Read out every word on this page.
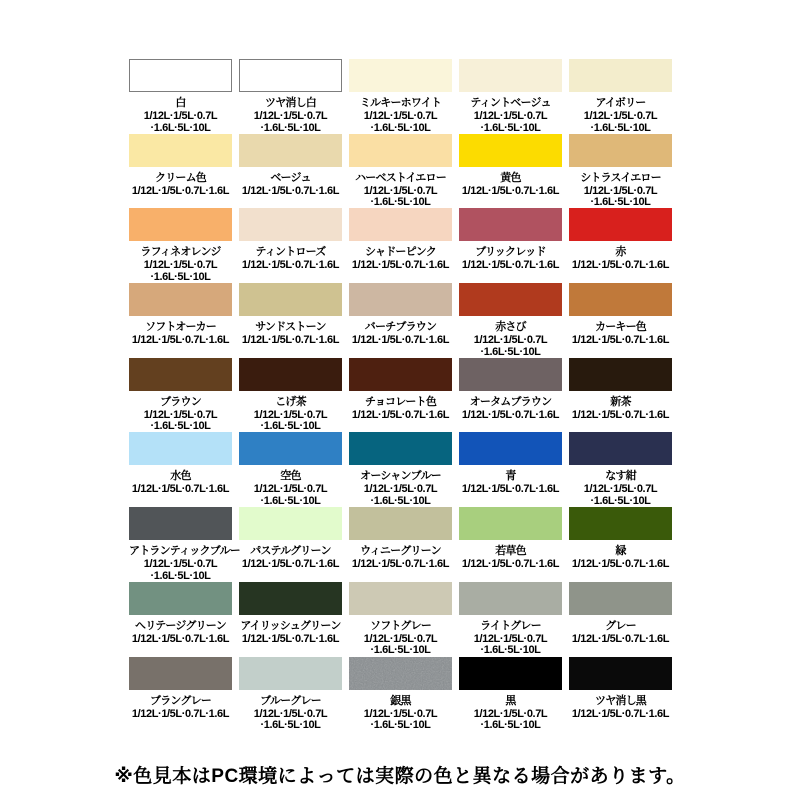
白
1/12L·1/5L·0.7L
·1.6L·5L·10L
ツヤ消し白
1/12L·1/5L·0.7L
·1.6L·5L·10L
ミルキーホワイト
1/12L·1/5L·0.7L
·1.6L·5L·10L
ティントベージュ
1/12L·1/5L·0.7L
·1.6L·5L·10L
アイボリー
1/12L·1/5L·0.7L
·1.6L·5L·10L
クリーム色
1/12L·1/5L·0.7L·1.6L
ベージュ
1/12L·1/5L·0.7L·1.6L
ハーベストイエロー
1/12L·1/5L·0.7L
·1.6L·5L·10L
黄色
1/12L·1/5L·0.7L·1.6L
シトラスイエロー
1/12L·1/5L·0.7L
·1.6L·5L·10L
ラフィネオレンジ
1/12L·1/5L·0.7L
·1.6L·5L·10L
ティントローズ
1/12L·1/5L·0.7L·1.6L
シャドーピンク
1/12L·1/5L·0.7L·1.6L
ブリックレッド
1/12L·1/5L·0.7L·1.6L
赤
1/12L·1/5L·0.7L·1.6L
ソフトオーカー
1/12L·1/5L·0.7L·1.6L
サンドストーン
1/12L·1/5L·0.7L·1.6L
バーチブラウン
1/12L·1/5L·0.7L·1.6L
赤さび
1/12L·1/5L·0.7L
·1.6L·5L·10L
カーキー色
1/12L·1/5L·0.7L·1.6L
ブラウン
1/12L·1/5L·0.7L
·1.6L·5L·10L
こげ茶
1/12L·1/5L·0.7L
·1.6L·5L·10L
チョコレート色
1/12L·1/5L·0.7L·1.6L
オータムブラウン
1/12L·1/5L·0.7L·1.6L
新茶
1/12L·1/5L·0.7L·1.6L
水色
1/12L·1/5L·0.7L·1.6L
空色
1/12L·1/5L·0.7L
·1.6L·5L·10L
オーシャンブルー
1/12L·1/5L·0.7L
·1.6L·5L·10L
青
1/12L·1/5L·0.7L·1.6L
なす紺
1/12L·1/5L·0.7L
·1.6L·5L·10L
アトランティックブルー
1/12L·1/5L·0.7L
·1.6L·5L·10L
パステルグリーン
1/12L·1/5L·0.7L·1.6L
ウィニーグリーン
1/12L·1/5L·0.7L·1.6L
若草色
1/12L·1/5L·0.7L·1.6L
緑
1/12L·1/5L·0.7L·1.6L
ヘリテージグリーン
1/12L·1/5L·0.7L·1.6L
アイリッシュグリーン
1/12L·1/5L·0.7L·1.6L
ソフトグレー
1/12L·1/5L·0.7L
·1.6L·5L·10L
ライトグレー
1/12L·1/5L·0.7L
·1.6L·5L·10L
グレー
1/12L·1/5L·0.7L·1.6L
ブラングレー
1/12L·1/5L·0.7L·1.6L
ブルーグレー
1/12L·1/5L·0.7L
·1.6L·5L·10L
銀黒
1/12L·1/5L·0.7L
·1.6L·5L·10L
黒
1/12L·1/5L·0.7L
·1.6L·5L·10L
ツヤ消し黒
1/12L·1/5L·0.7L·1.6L
※色見本はPC環境によっては実際の色と異なる場合があります。
